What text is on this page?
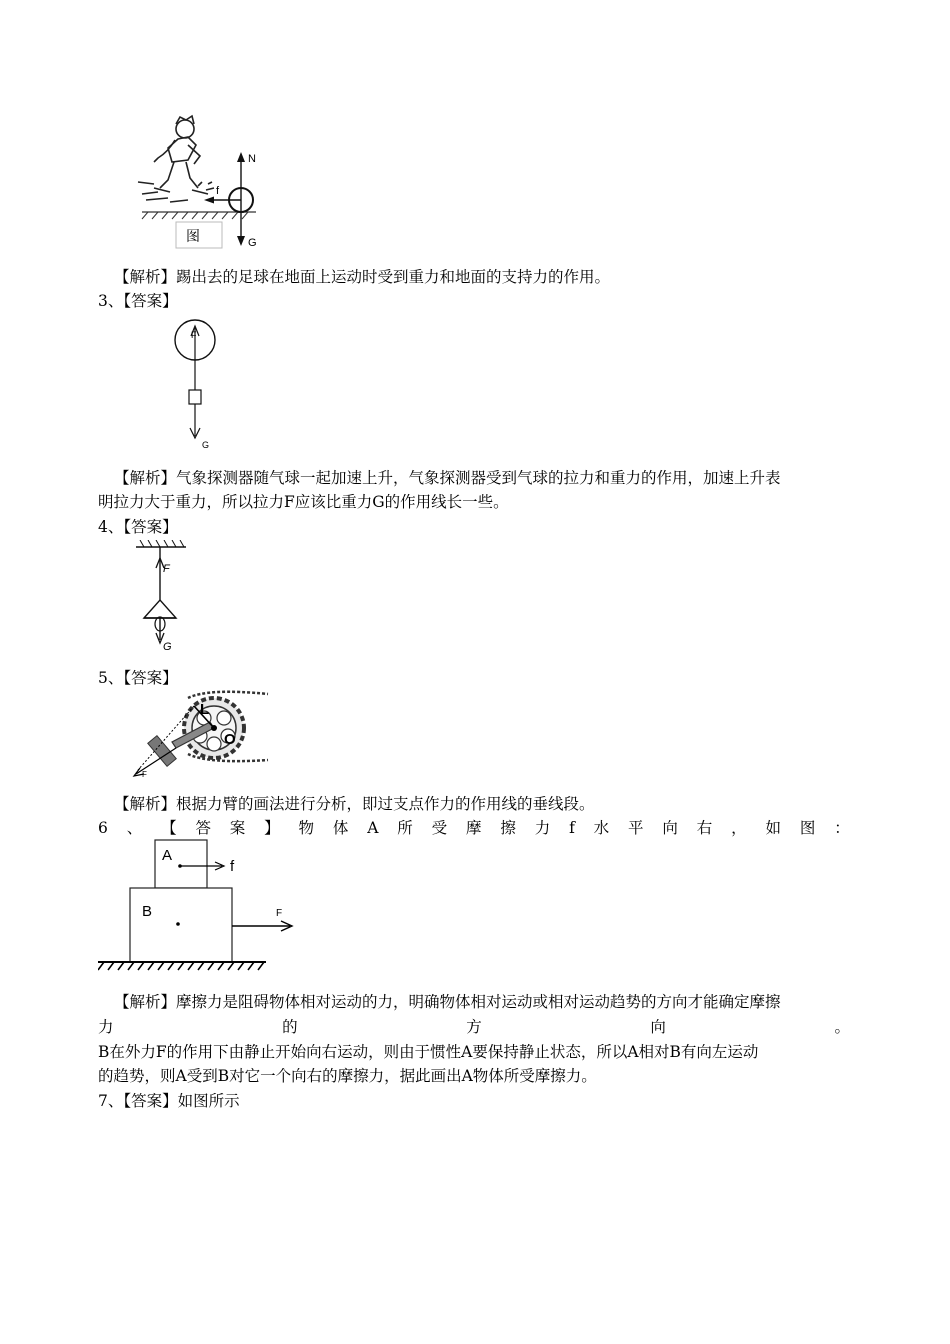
N
f
G
图
【解析】踢出去的足球在地面上运动时受到重力和地面的支持力的作用。
3、【答案】
F
G
【解析】气象探测器随气球一起加速上升，气象探测器受到气球的拉力和重力的作用，加速上升表
明拉力大于重力，所以拉力F应该比重力G的作用线长一些。
4、【答案】
F
G
5、【答案】
L
O
F
【解析】根据力臂的画法进行分析，即过支点作力的作用线的垂线段。
6 、 【 答 案 】 物 体 A 所 受 摩 擦 力 f 水 平 向 右 ， 如 图 ：
A
B
f
F
【解析】摩擦力是阻碍物体相对运动的力，明确物体相对运动或相对运动趋势的方向才能确定摩擦
力	的	方	向	。
B在外力F的作用下由静止开始向右运动，则由于惯性A要保持静止状态，所以A相对B有向左运动
的趋势，则A受到B对它一个向右的摩擦力，据此画出A物体所受摩擦力。
7、【答案】如图所示
